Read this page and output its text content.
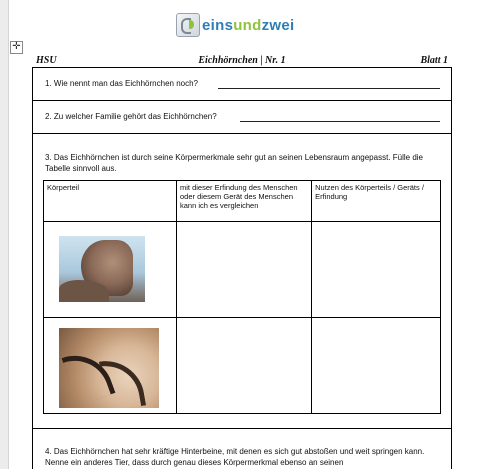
einsundzwei
✛
HSU	Eichhörnchen | Nr. 1	Blatt 1
1. Wie nennt man das Eichhörnchen noch?
2. Zu welcher Familie gehört das Eichhörnchen?
3. Das Eichhörnchen ist durch seine Körpermerkmale sehr gut an seinen Lebensraum angepasst. Fülle die Tabelle sinnvoll aus.
Körperteil	mit dieser Erfindung des Menschen oder diesem Gerät des Menschen kann ich es vergleichen	Nutzen des Körperteils / Geräts / Erfindung

4. Das Eichhörnchen hat sehr kräftige Hinterbeine, mit denen es sich gut abstoßen und weit springen kann. Nenne ein anderes Tier, dass durch genau dieses Körpermerkmal ebenso an seinen
